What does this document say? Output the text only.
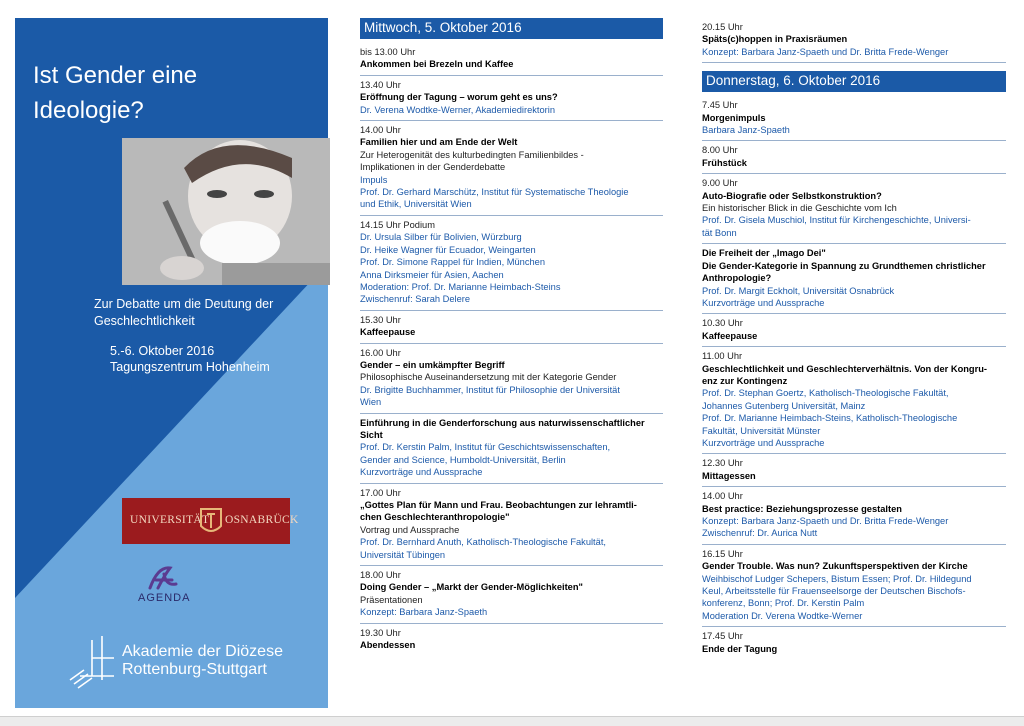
Ist Gender eine
Ideologie?
Zur Debatte um die Deutung der
Geschlechtlichkeit
5.-6. Oktober 2016
Tagungszentrum Hohenheim
UNIVERSITÄT OSNABRÜCK
AGENDA
Akademie der Diözese
Rottenburg-Stuttgart
Mittwoch, 5. Oktober 2016
bis 13.00 Uhr
Ankommen bei Brezeln und Kaffee
13.40 Uhr
Eröffnung der Tagung – worum geht es uns?
Dr. Verena Wodtke-Werner, Akademiedirektorin
14.00 Uhr
Familien hier und am Ende der Welt
Zur Heterogenität des kulturbedingten Familienbildes -
Implikationen in der Genderdebatte
Impuls
Prof. Dr. Gerhard Marschütz, Institut für Systematische Theologie
und Ethik, Universität Wien
14.15 Uhr Podium
Dr. Ursula Silber für Bolivien, Würzburg
Dr. Heike Wagner für Ecuador, Weingarten
Prof. Dr. Simone Rappel für Indien, München
Anna Dirksmeier für Asien, Aachen
Moderation: Prof. Dr. Marianne Heimbach-Steins
Zwischenruf: Sarah Delere
15.30 Uhr
Kaffeepause
16.00 Uhr
Gender – ein umkämpfter Begriff
Philosophische Auseinandersetzung mit der Kategorie Gender
Dr. Brigitte Buchhammer, Institut für Philosophie der Universität
Wien
Einführung in die Genderforschung aus naturwissenschaftlicher
Sicht
Prof. Dr. Kerstin Palm, Institut für Geschichtswissenschaften,
Gender and Science, Humboldt-Universität, Berlin
Kurzvorträge und Aussprache
17.00 Uhr
„Gottes Plan für Mann und Frau. Beobachtungen zur lehramtli-
chen Geschlechteranthropologie"
Vortrag und Aussprache
Prof. Dr. Bernhard Anuth, Katholisch-Theologische Fakultät,
Universität Tübingen
18.00 Uhr
Doing Gender – „Markt der Gender-Möglichkeiten"
Präsentationen
Konzept: Barbara Janz-Spaeth
19.30 Uhr
Abendessen
20.15 Uhr
Späts(c)hoppen in Praxisräumen
Konzept: Barbara Janz-Spaeth und Dr. Britta Frede-Wenger
Donnerstag, 6. Oktober 2016
7.45 Uhr
Morgenimpuls
Barbara Janz-Spaeth
8.00 Uhr
Frühstück
9.00 Uhr
Auto-Biografie oder Selbstkonstruktion?
Ein historischer Blick in die Geschichte vom Ich
Prof. Dr. Gisela Muschiol, Institut für Kirchengeschichte, Universi-
tät Bonn
Die Freiheit der „Imago Dei"
Die Gender-Kategorie in Spannung zu Grundthemen christlicher
Anthropologie?
Prof. Dr. Margit Eckholt, Universität Osnabrück
Kurzvorträge und Aussprache
10.30 Uhr
Kaffeepause
11.00 Uhr
Geschlechtlichkeit und Geschlechterverhältnis. Von der Kongru-
enz zur Kontingenz
Prof. Dr. Stephan Goertz, Katholisch-Theologische Fakultät,
Johannes Gutenberg Universität, Mainz
Prof. Dr. Marianne Heimbach-Steins, Katholisch-Theologische
Fakultät, Universität Münster
Kurzvorträge und Aussprache
12.30 Uhr
Mittagessen
14.00 Uhr
Best practice: Beziehungsprozesse gestalten
Konzept: Barbara Janz-Spaeth und Dr. Britta Frede-Wenger
Zwischenruf: Dr. Aurica Nutt
16.15 Uhr
Gender Trouble. Was nun? Zukunftsperspektiven der Kirche
Weihbischof Ludger Schepers, Bistum Essen; Prof. Dr. Hildegund
Keul, Arbeitsstelle für Frauenseelsorge der Deutschen Bischofs-
konferenz, Bonn; Prof. Dr. Kerstin Palm
Moderation Dr. Verena Wodtke-Werner
17.45 Uhr
Ende der Tagung
